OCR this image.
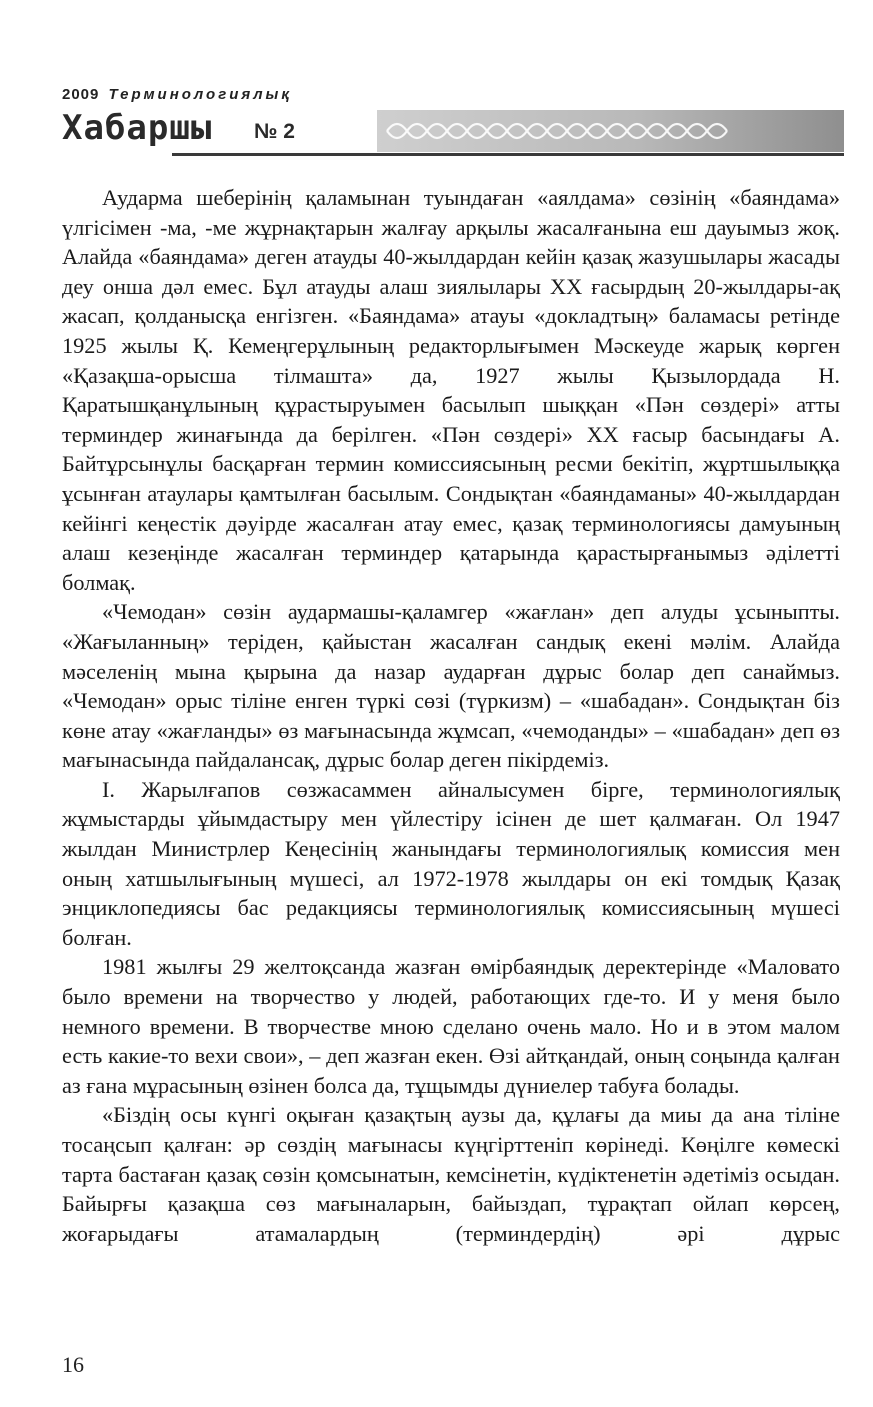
2009 Терминологиялық
Хабаршы № 2

Аударма шеберінің қаламынан туындаған «аялдама» сөзінің «баяндама» үлгісімен -ма, -ме жұрнақтарын жалғау арқылы жасалғанына еш дауымыз жоқ. Алайда «баяндама» деген атауды 40-жылдардан кейін қазақ жазушылары жасады деу онша дәл емес. Бұл атауды алаш зиялылары XX ғасырдың 20-жылдары-ақ жасап, қолданысқа енгізген. «Баяндама» атауы «докладтың» баламасы ретінде 1925 жылы Қ. Кемеңгерұлының редакторлығымен Мәскеуде жарық көрген «Қазақша-орысша тілмашта» да, 1927 жылы Қызылордада Н. Қаратышқанұлының құрастыруымен басылып шыққан «Пән сөздері» атты терминдер жинағында да берілген. «Пән сөздері» XX ғасыр басындағы А. Байтұрсынұлы басқарған термин комиссиясының ресми бекітіп, жұртшылыққа ұсынған атаулары қамтылған басылым. Сондықтан «баяндаманы» 40-жылдардан кейінгі кеңестік дәуірде жасалған атау емес, қазақ терминологиясы дамуының алаш кезеңінде жасалған терминдер қатарында қарастырғанымыз әділетті болмақ.

«Чемодан» сөзін аудармашы-қаламгер «жағлан» деп алуды ұсыныпты. «Жағыланның» теріден, қайыстан жасалған сандық екені мәлім. Алайда мәселенің мына қырына да назар аударған дұрыс болар деп санаймыз. «Чемодан» орыс тіліне енген түркі сөзі (түркизм) – «шабадан». Сондықтан біз көне атау «жағланды» өз мағынасында жұмсап, «чемоданды» – «шабадан» деп өз мағынасында пайдалансақ, дұрыс болар деген пікірдеміз.

І. Жарылғапов сөзжасаммен айналысумен бірге, терминологиялық жұмыстарды ұйымдастыру мен үйлестіру ісінен де шет қалмаған. Ол 1947 жылдан Министрлер Кеңесінің жанындағы терминологиялық комиссия мен оның хатшылығының мүшесі, ал 1972-1978 жылдары он екі томдық Қазақ энциклопедиясы бас редакциясы терминологиялық комиссиясының мүшесі болған.

1981 жылғы 29 желтоқсанда жазған өмірбаяндық деректерінде «Маловато было времени на творчество у людей, работающих где-то. И у меня было немного времени. В творчестве мною сделано очень мало. Но и в этом малом есть какие-то вехи свои», – деп жазған екен. Өзі айтқандай, оның соңында қалған аз ғана мұрасының өзінен болса да, тұщымды дүниелер табуға болады.

«Біздің осы күнгі оқыған қазақтың аузы да, құлағы да миы да ана тіліне тосаңсып қалған: әр сөздің мағынасы күңгірттеніп көрінеді. Көңілге көмескі тарта бастаған қазақ сөзін қомсынатын, кемсінетін, күдіктенетін әдетіміз осыдан. Байырғы қазақша сөз мағыналарын, байыздап, тұрақтап ойлап көрсең, жоғарыдағы атамалардың (терминдердің) әрі дұрыс

16
